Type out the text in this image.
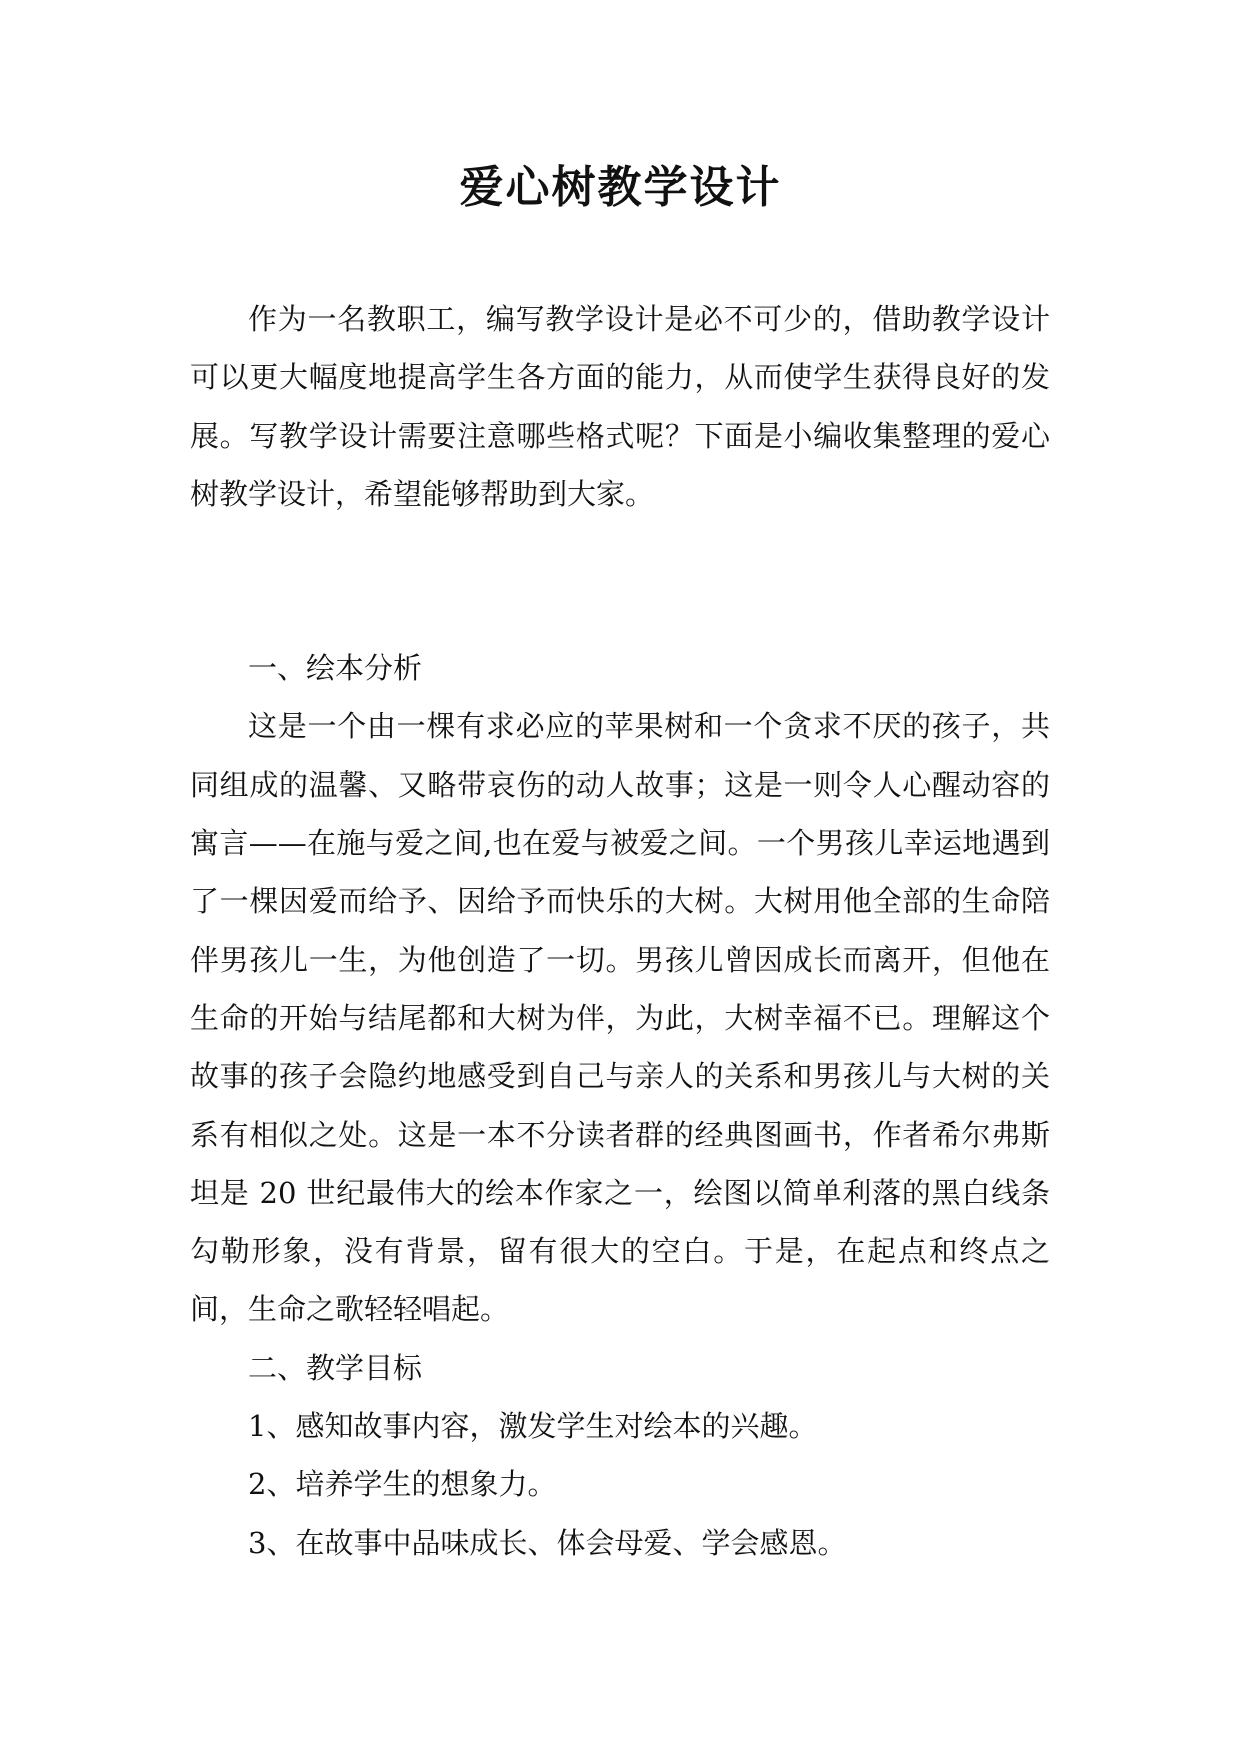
爱心树教学设计

作为一名教职工，编写教学设计是必不可少的，借助教学设计可以更大幅度地提高学生各方面的能力，从而使学生获得良好的发展。写教学设计需要注意哪些格式呢？下面是小编收集整理的爱心树教学设计，希望能够帮助到大家。

一、绘本分析

这是一个由一棵有求必应的苹果树和一个贪求不厌的孩子，共同组成的温馨、又略带哀伤的动人故事；这是一则令人心醒动容的寓言——在施与爱之间,也在爱与被爱之间。一个男孩儿幸运地遇到了一棵因爱而给予、因给予而快乐的大树。大树用他全部的生命陪伴男孩儿一生，为他创造了一切。男孩儿曾因成长而离开，但他在生命的开始与结尾都和大树为伴，为此，大树幸福不已。理解这个故事的孩子会隐约地感受到自己与亲人的关系和男孩儿与大树的关系有相似之处。这是一本不分读者群的经典图画书，作者希尔弗斯坦是 20 世纪最伟大的绘本作家之一，绘图以简单利落的黑白线条勾勒形象，没有背景，留有很大的空白。于是，在起点和终点之间，生命之歌轻轻唱起。

二、教学目标

1、感知故事内容，激发学生对绘本的兴趣。

2、培养学生的想象力。

3、在故事中品味成长、体会母爱、学会感恩。
